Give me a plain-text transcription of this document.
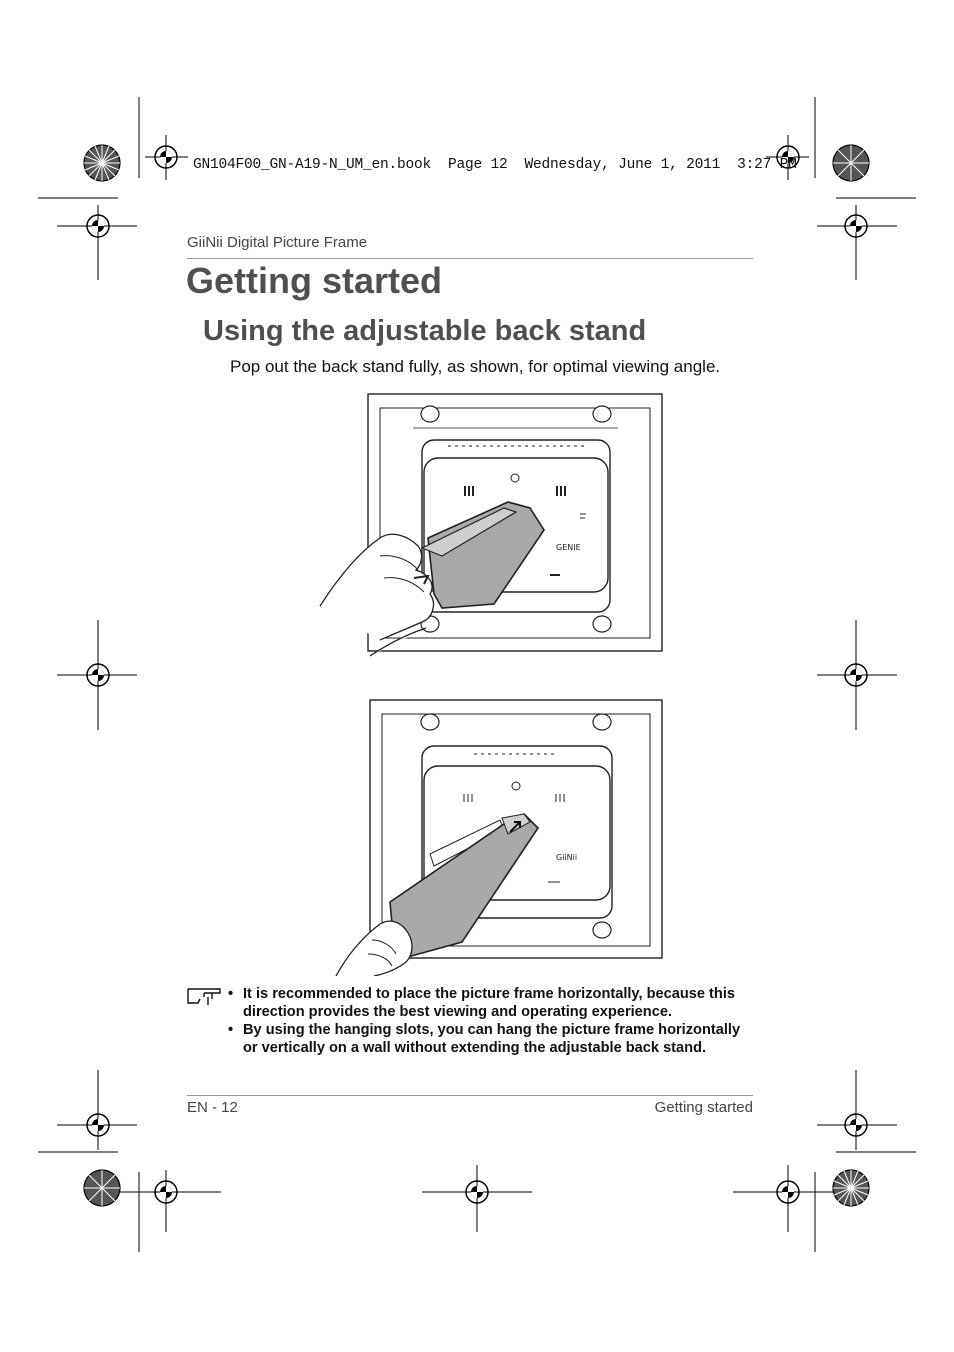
GN104F00_GN-A19-N_UM_en.book  Page 12  Wednesday, June 1, 2011  3:27 PM
GiiNii Digital Picture Frame
Getting started
Using the adjustable back stand
Pop out the back stand fully, as shown, for optimal viewing angle.
GENIE
GiiNii
• It is recommended to place the picture frame horizontally, because this direction provides the best viewing and operating experience.
• By using the hanging slots, you can hang the picture frame horizontally or vertically on a wall without extending the adjustable back stand.
EN - 12	Getting started
